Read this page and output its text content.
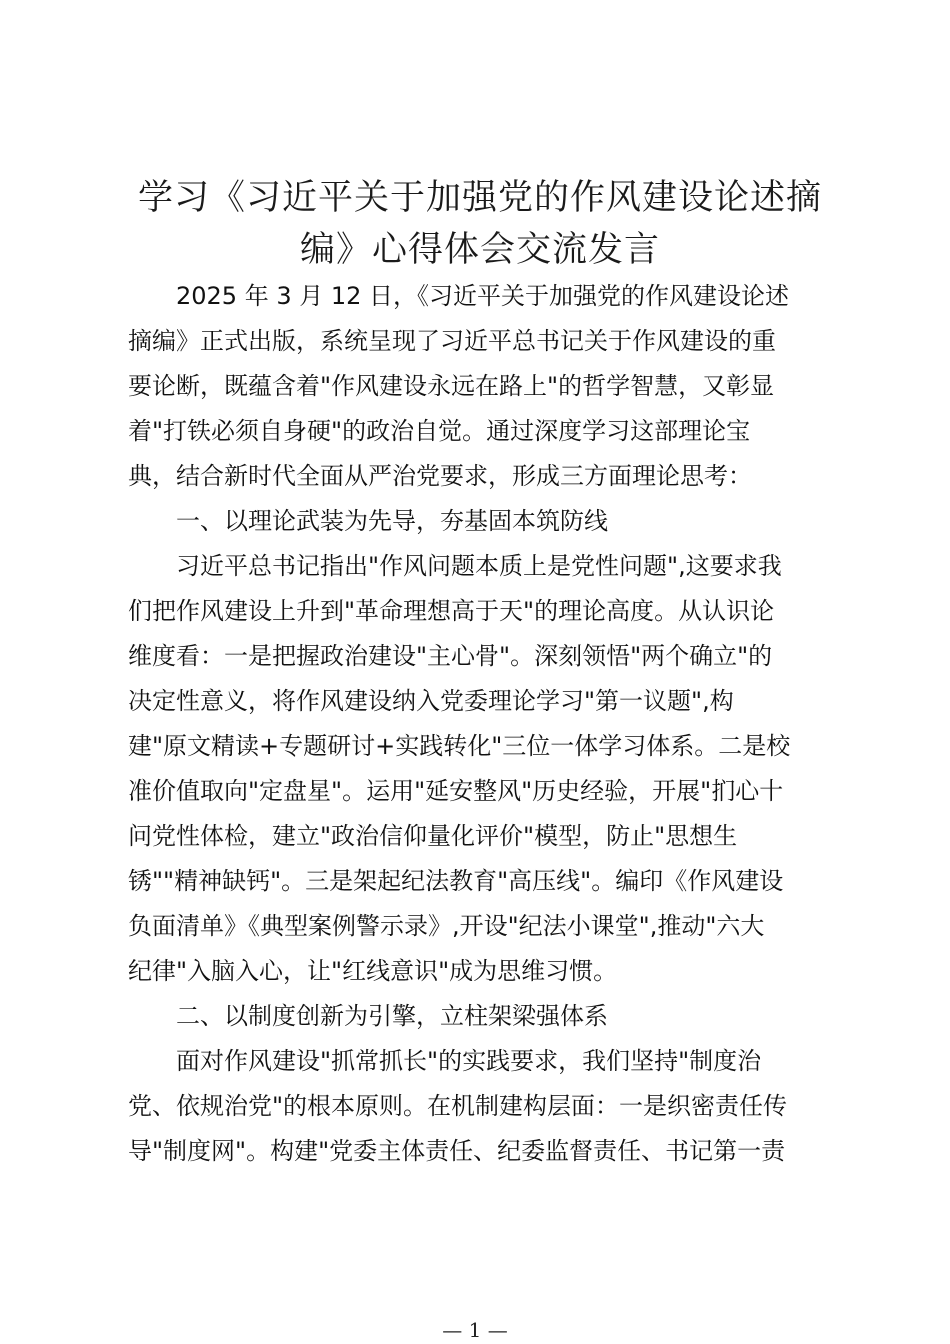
学习《习近平关于加强党的作风建设论述摘
编》心得体会交流发言
2025 年 3 月 12 日，《习近平关于加强党的作风建设论述
摘编》正式出版，系统呈现了习近平总书记关于作风建设的重
要论断，既蕴含着"作风建设永远在路上"的哲学智慧，又彰显
着"打铁必须自身硬"的政治自觉。通过深度学习这部理论宝
典，结合新时代全面从严治党要求，形成三方面理论思考：
一、以理论武装为先导，夯基固本筑防线
习近平总书记指出"作风问题本质上是党性问题",这要求我
们把作风建设上升到"革命理想高于天"的理论高度。从认识论
维度看：一是把握政治建设"主心骨"。深刻领悟"两个确立"的
决定性意义，将作风建设纳入党委理论学习"第一议题",构
建"原文精读+专题研讨+实践转化"三位一体学习体系。二是校
准价值取向"定盘星"。运用"延安整风"历史经验，开展"扪心十
问党性体检，建立"政治信仰量化评价"模型，防止"思想生
锈""精神缺钙"。三是架起纪法教育"高压线"。编印《作风建设
负面清单》《典型案例警示录》,开设"纪法小课堂",推动"六大
纪律"入脑入心，让"红线意识"成为思维习惯。
二、以制度创新为引擎，立柱架梁强体系
面对作风建设"抓常抓长"的实践要求，我们坚持"制度治
党、依规治党"的根本原则。在机制建构层面：一是织密责任传
导"制度网"。构建"党委主体责任、纪委监督责任、书记第一责
— 1 —
